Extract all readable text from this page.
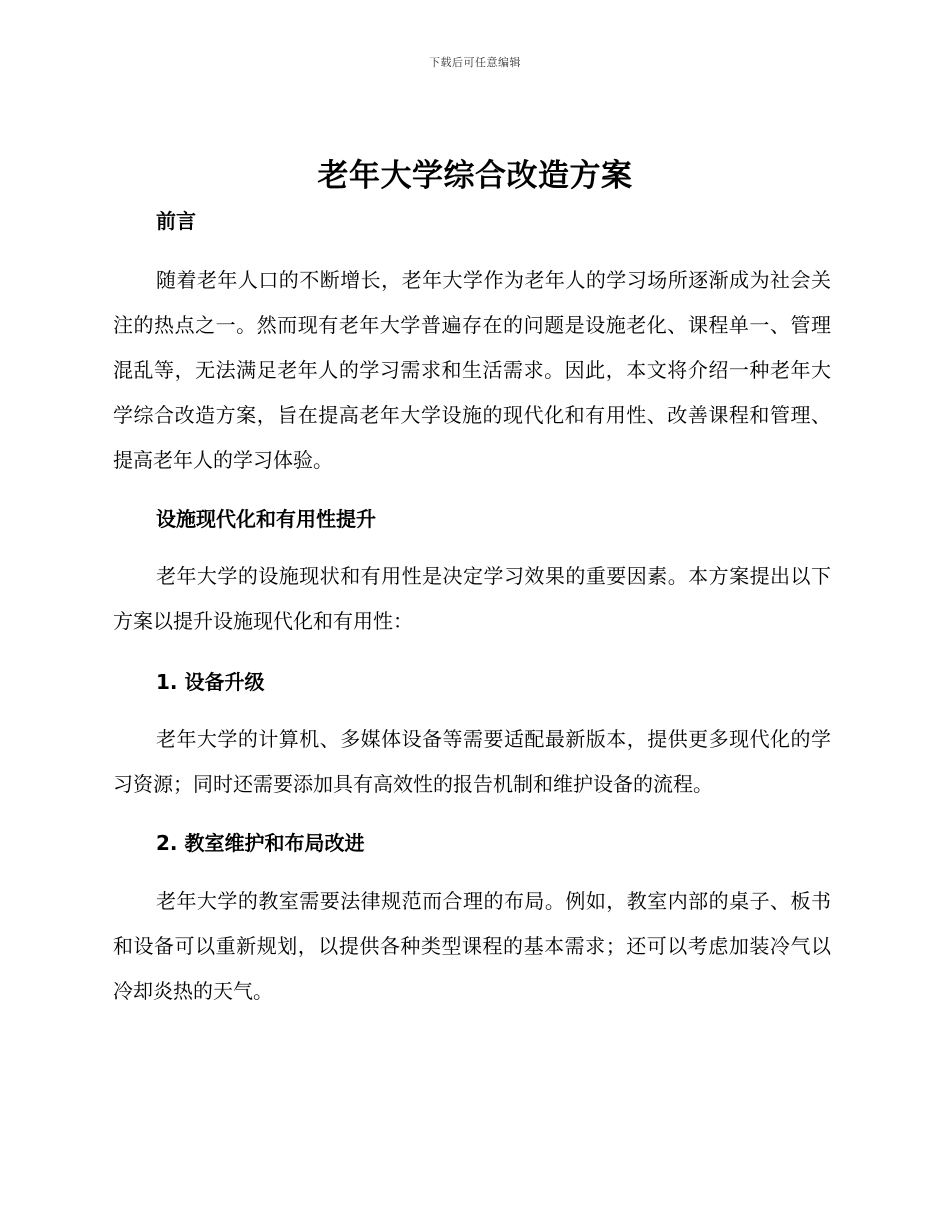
下载后可任意编辑
老年大学综合改造方案

前言

随着老年人口的不断增长，老年大学作为老年人的学习场所逐渐成为社会关注的热点之一。然而现有老年大学普遍存在的问题是设施老化、课程单一、管理混乱等，无法满足老年人的学习需求和生活需求。因此，本文将介绍一种老年大学综合改造方案，旨在提高老年大学设施的现代化和有用性、改善课程和管理、提高老年人的学习体验。

设施现代化和有用性提升

老年大学的设施现状和有用性是决定学习效果的重要因素。本方案提出以下方案以提升设施现代化和有用性：

1. 设备升级

老年大学的计算机、多媒体设备等需要适配最新版本，提供更多现代化的学习资源；同时还需要添加具有高效性的报告机制和维护设备的流程。

2. 教室维护和布局改进

老年大学的教室需要法律规范而合理的布局。例如，教室内部的桌子、板书和设备可以重新规划，以提供各种类型课程的基本需求；还可以考虑加装冷气以冷却炎热的天气。
